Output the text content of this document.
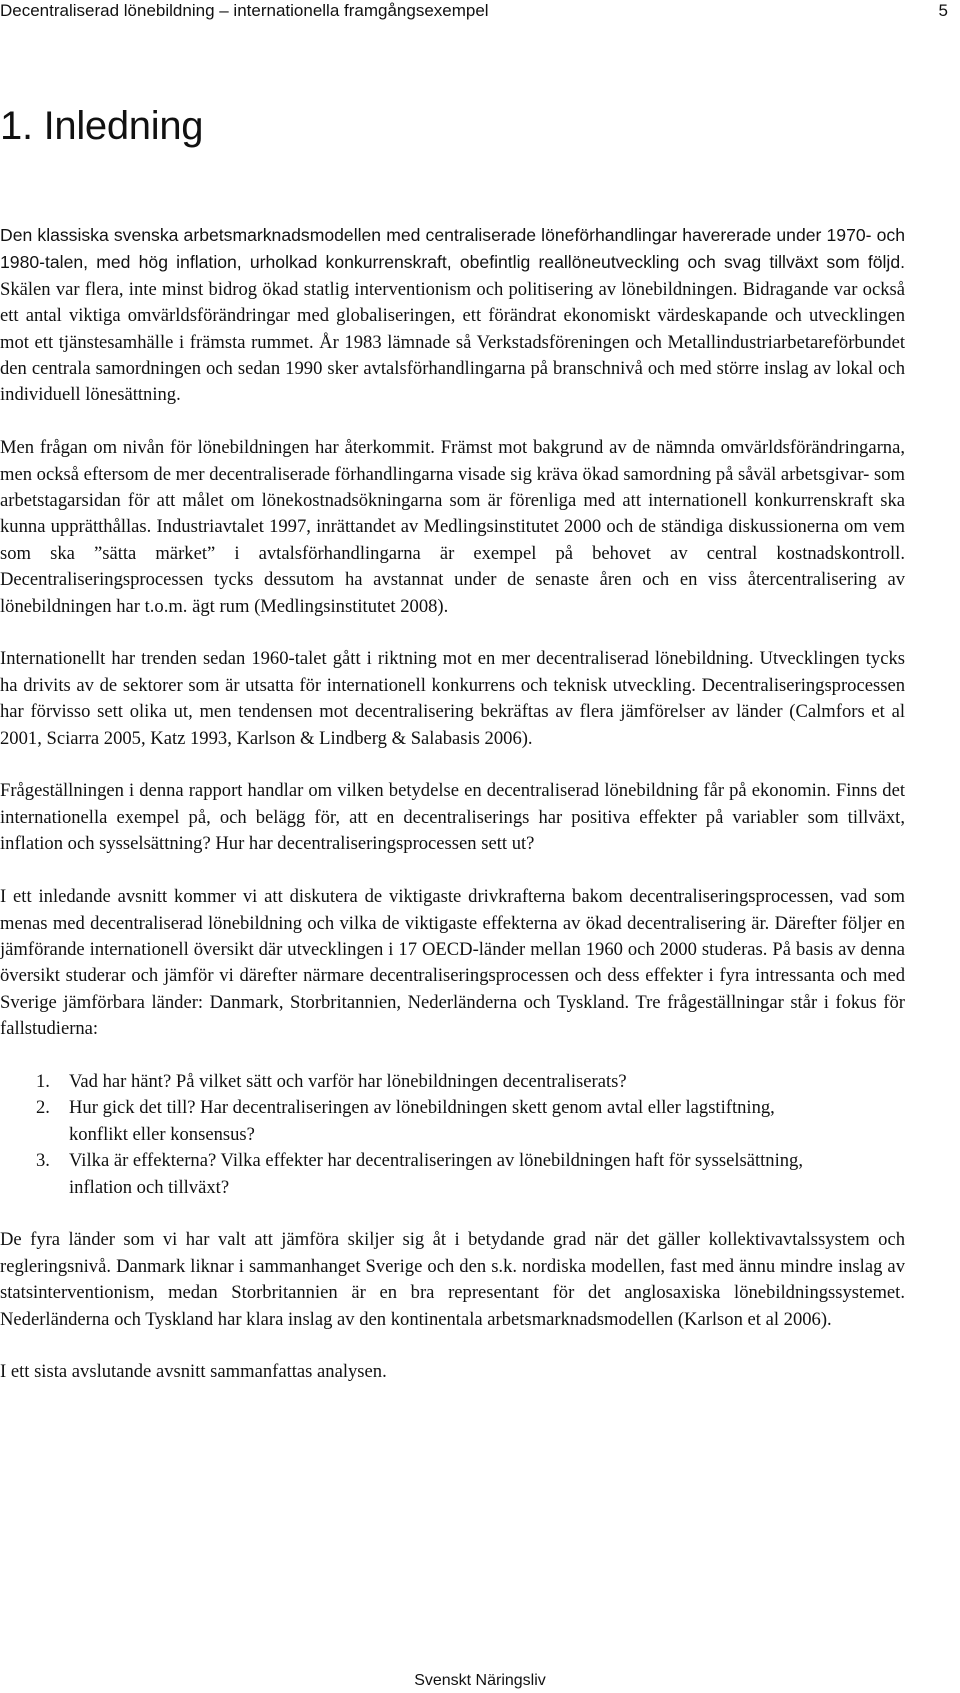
Decentraliserad lönebildning – internationella framgångsexempel	5
1. Inledning

Den klassiska svenska arbetsmarknadsmodellen med centraliserade löneförhandlingar havererade under 1970- och 1980-talen, med hög inflation, urholkad konkurrenskraft, obefintlig reallöneutveckling och svag tillväxt som följd. Skälen var flera, inte minst bidrog ökad statlig interventionism och politisering av lönebildningen. Bidragande var också ett antal viktiga omvärldsförändringar med globaliseringen, ett förändrat ekonomiskt värdeskapande och utvecklingen mot ett tjänstesamhälle i främsta rummet. År 1983 lämnade så Verkstadsföreningen och Metallindustriarbetareförbundet den centrala samordningen och sedan 1990 sker avtalsförhandlingarna på branschnivå och med större inslag av lokal och individuell lönesättning.

Men frågan om nivån för lönebildningen har återkommit. Främst mot bakgrund av de nämnda omvärldsförändringarna, men också eftersom de mer decentraliserade förhandlingarna visade sig kräva ökad samordning på såväl arbetsgivar- som arbetstagarsidan för att målet om lönekostnadsökningarna som är förenliga med att internationell konkurrenskraft ska kunna upprätthållas. Industriavtalet 1997, inrättandet av Medlingsinstitutet 2000 och de ständiga diskussionerna om vem som ska ”sätta märket” i avtalsförhandlingarna är exempel på behovet av central kostnadskontroll. Decentraliseringsprocessen tycks dessutom ha avstannat under de senaste åren och en viss återcentralisering av lönebildningen har t.o.m. ägt rum (Medlingsinstitutet 2008).

Internationellt har trenden sedan 1960-talet gått i riktning mot en mer decentraliserad lönebildning. Utvecklingen tycks ha drivits av de sektorer som är utsatta för internationell konkurrens och teknisk utveckling. Decentraliseringsprocessen har förvisso sett olika ut, men tendensen mot decentralisering bekräftas av flera jämförelser av länder (Calmfors et al 2001, Sciarra 2005, Katz 1993, Karlson & Lindberg & Salabasis 2006).

Frågeställningen i denna rapport handlar om vilken betydelse en decentraliserad lönebildning får på ekonomin. Finns det internationella exempel på, och belägg för, att en decentraliserings har positiva effekter på variabler som tillväxt, inflation och sysselsättning? Hur har decentraliseringsprocessen sett ut?

I ett inledande avsnitt kommer vi att diskutera de viktigaste drivkrafterna bakom decentraliseringsprocessen, vad som menas med decentraliserad lönebildning och vilka de viktigaste effekterna av ökad decentralisering är. Därefter följer en jämförande internationell översikt där utvecklingen i 17 OECD-länder mellan 1960 och 2000 studeras. På basis av denna översikt studerar och jämför vi därefter närmare decentraliseringsprocessen och dess effekter i fyra intressanta och med Sverige jämförbara länder: Danmark, Storbritannien, Nederländerna och Tyskland. Tre frågeställningar står i fokus för fallstudierna:

1. Vad har hänt? På vilket sätt och varför har lönebildningen decentraliserats?
2. Hur gick det till? Har decentraliseringen av lönebildningen skett genom avtal eller lagstiftning, konflikt eller konsensus?
3. Vilka är effekterna? Vilka effekter har decentraliseringen av lönebildningen haft för sysselsättning, inflation och tillväxt?

De fyra länder som vi har valt att jämföra skiljer sig åt i betydande grad när det gäller kollektivavtalssystem och regleringsnivå. Danmark liknar i sammanhanget Sverige och den s.k. nordiska modellen, fast med ännu mindre inslag av statsinterventionism, medan Storbritannien är en bra representant för det anglosaxiska lönebildningssystemet. Nederländerna och Tyskland har klara inslag av den kontinentala arbetsmarknadsmodellen (Karlson et al 2006).

I ett sista avslutande avsnitt sammanfattas analysen.

Svenskt Näringsliv
